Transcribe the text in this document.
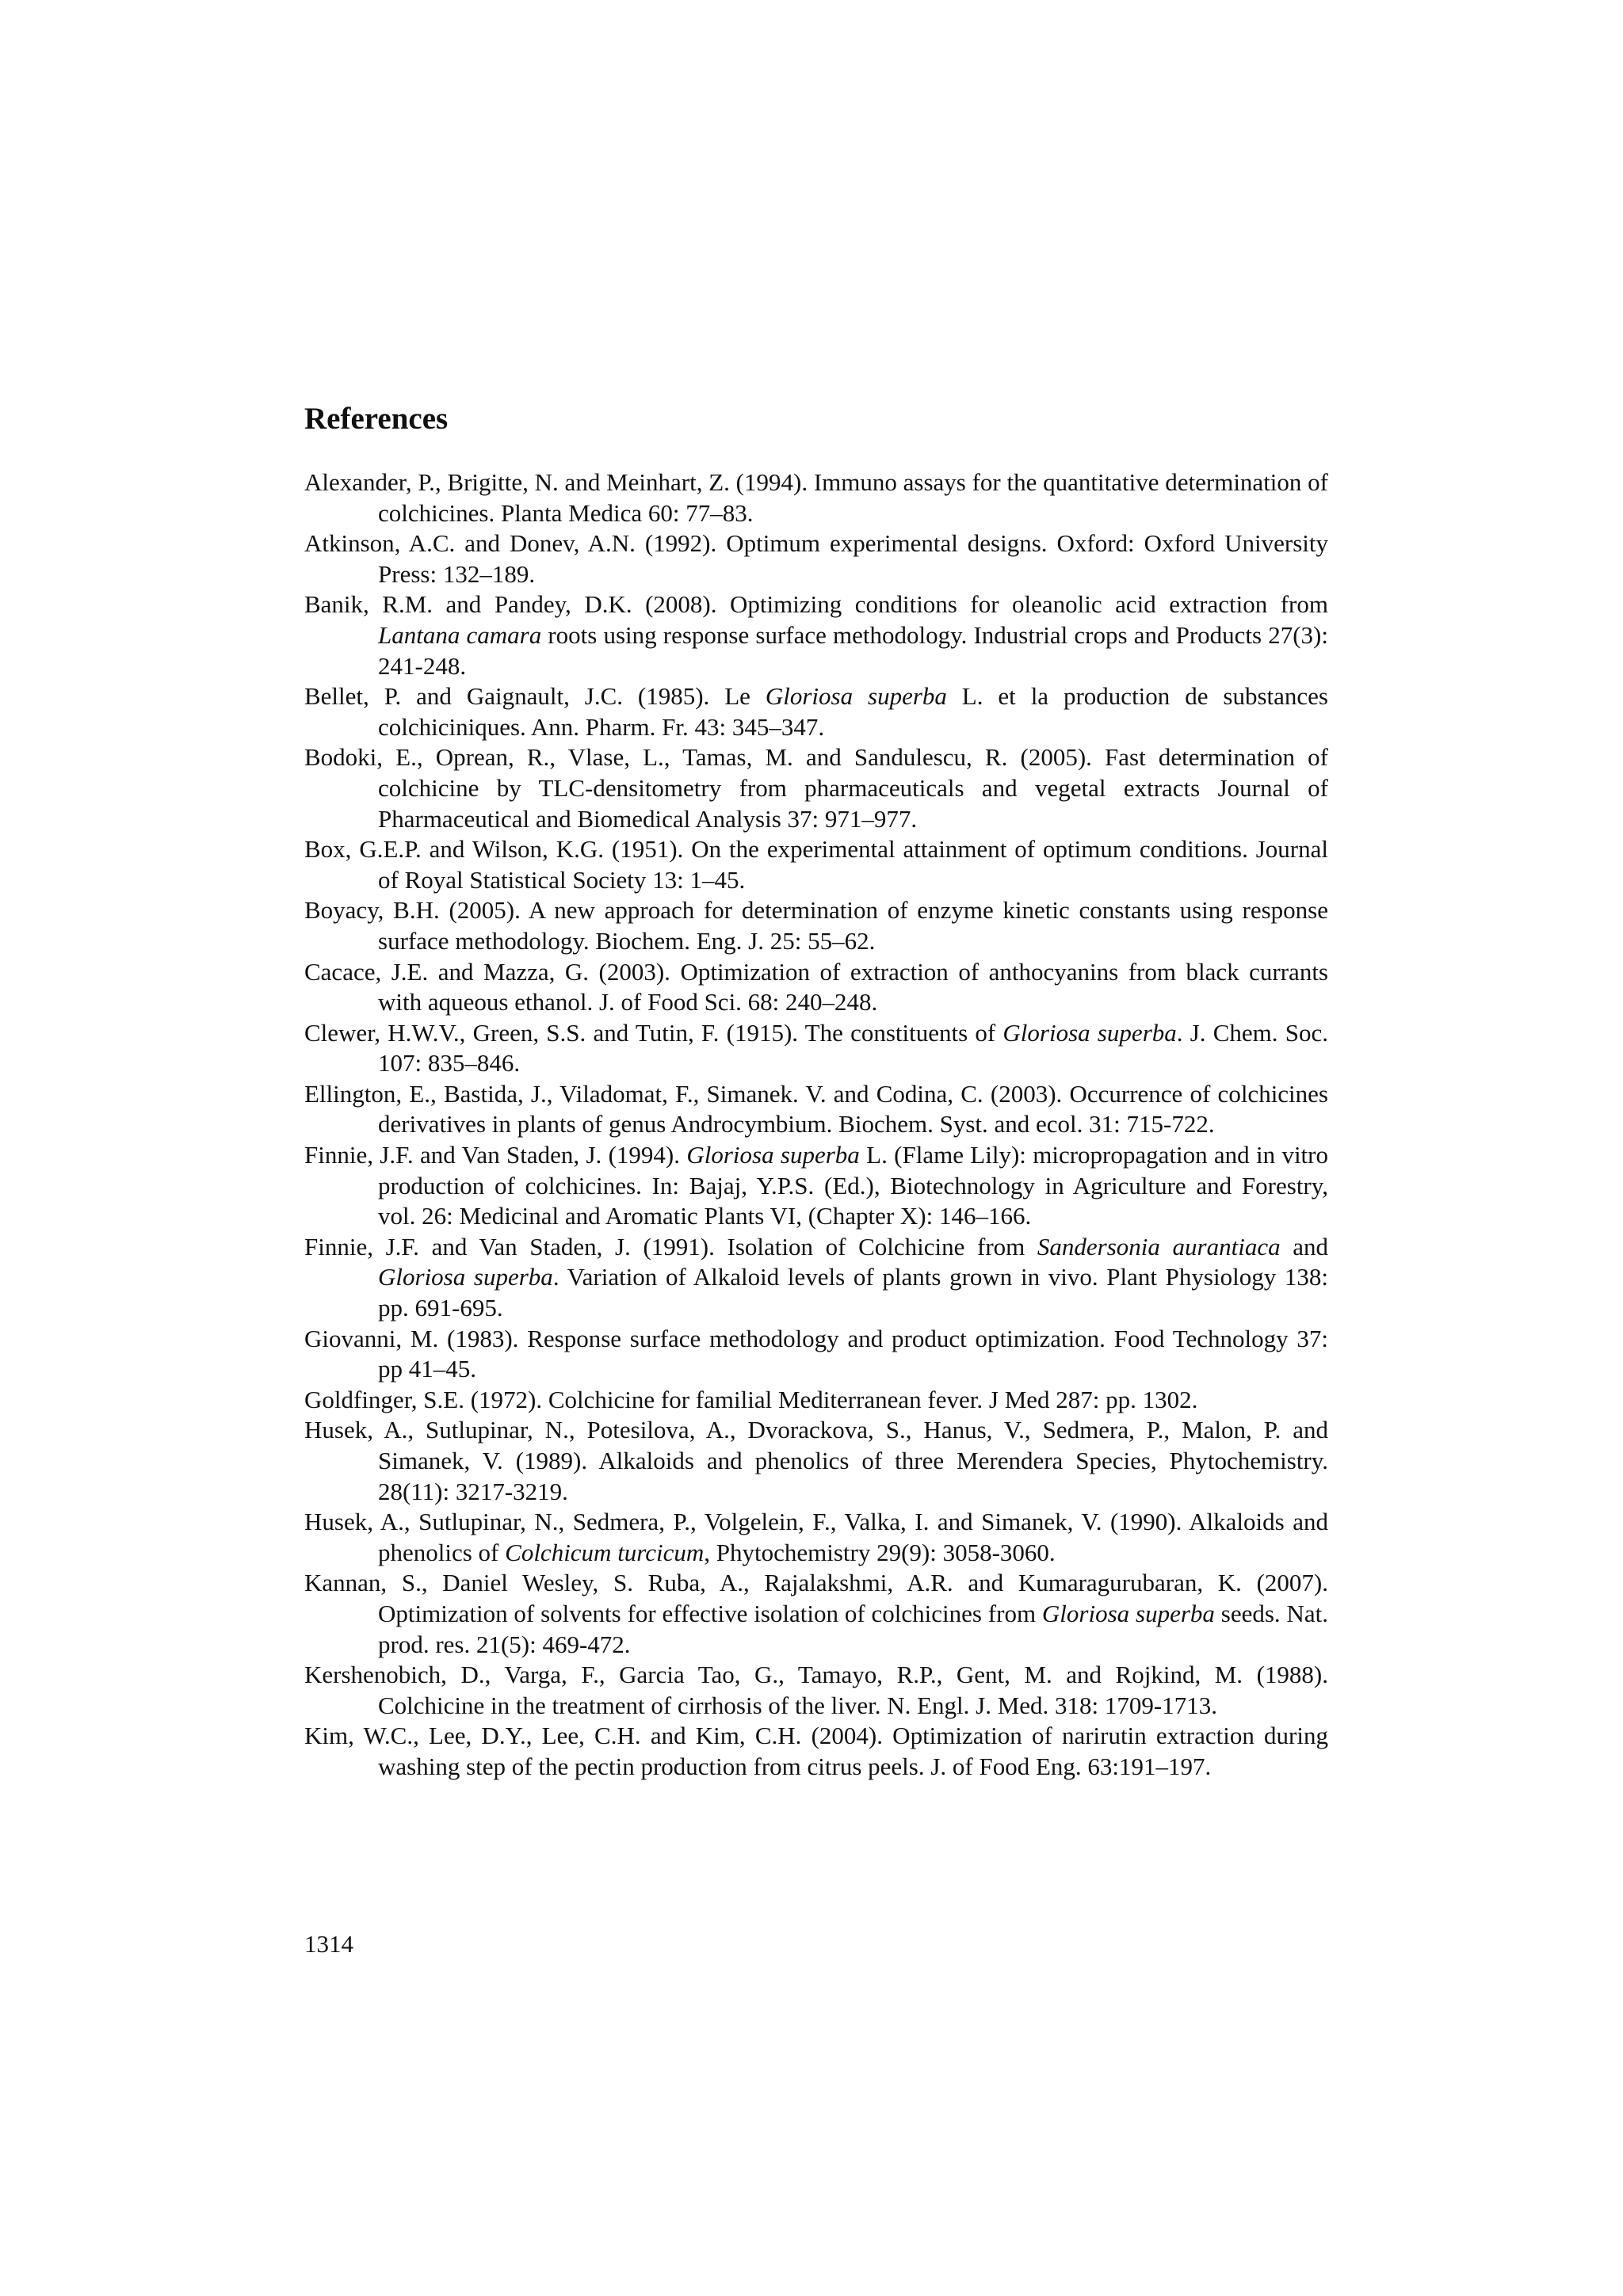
References

Alexander, P., Brigitte, N. and Meinhart, Z. (1994). Immuno assays for the quantitative determination of colchicines. Planta Medica 60: 77–83.

Atkinson, A.C. and Donev, A.N. (1992). Optimum experimental designs. Oxford: Oxford University Press: 132–189.

Banik, R.M. and Pandey, D.K. (2008). Optimizing conditions for oleanolic acid extraction from Lantana camara roots using response surface methodology. Industrial crops and Products 27(3): 241-248.

Bellet, P. and Gaignault, J.C. (1985). Le Gloriosa superba L. et la production de substances colchiciniques. Ann. Pharm. Fr. 43: 345–347.

Bodoki, E., Oprean, R., Vlase, L., Tamas, M. and Sandulescu, R. (2005). Fast determination of colchicine by TLC-densitometry from pharmaceuticals and vegetal extracts Journal of Pharmaceutical and Biomedical Analysis 37: 971–977.

Box, G.E.P. and Wilson, K.G. (1951). On the experimental attainment of optimum conditions. Journal of Royal Statistical Society 13: 1–45.

Boyacy, B.H. (2005). A new approach for determination of enzyme kinetic constants using response surface methodology. Biochem. Eng. J. 25: 55–62.

Cacace, J.E. and Mazza, G. (2003). Optimization of extraction of anthocyanins from black currants with aqueous ethanol. J. of Food Sci. 68: 240–248.

Clewer, H.W.V., Green, S.S. and Tutin, F. (1915). The constituents of Gloriosa superba. J. Chem. Soc. 107: 835–846.

Ellington, E., Bastida, J., Viladomat, F., Simanek. V. and Codina, C. (2003). Occurrence of colchicines derivatives in plants of genus Androcymbium. Biochem. Syst. and ecol. 31: 715-722.

Finnie, J.F. and Van Staden, J. (1994). Gloriosa superba L. (Flame Lily): micropropagation and in vitro production of colchicines. In: Bajaj, Y.P.S. (Ed.), Biotechnology in Agriculture and Forestry, vol. 26: Medicinal and Aromatic Plants VI, (Chapter X): 146–166.

Finnie, J.F. and Van Staden, J. (1991). Isolation of Colchicine from Sandersonia aurantiaca and Gloriosa superba. Variation of Alkaloid levels of plants grown in vivo. Plant Physiology 138: pp. 691-695.

Giovanni, M. (1983). Response surface methodology and product optimization. Food Technology 37: pp 41–45.

Goldfinger, S.E. (1972). Colchicine for familial Mediterranean fever. J Med 287: pp. 1302.

Husek, A., Sutlupinar, N., Potesilova, A., Dvorackova, S., Hanus, V., Sedmera, P., Malon, P. and Simanek, V. (1989). Alkaloids and phenolics of three Merendera Species, Phytochemistry. 28(11): 3217-3219.

Husek, A., Sutlupinar, N., Sedmera, P., Volgelein, F., Valka, I. and Simanek, V. (1990). Alkaloids and phenolics of Colchicum turcicum, Phytochemistry 29(9): 3058-3060.

Kannan, S., Daniel Wesley, S. Ruba, A., Rajalakshmi, A.R. and Kumaragurubaran, K. (2007). Optimization of solvents for effective isolation of colchicines from Gloriosa superba seeds. Nat. prod. res. 21(5): 469-472.

Kershenobich, D., Varga, F., Garcia Tao, G., Tamayo, R.P., Gent, M. and Rojkind, M. (1988). Colchicine in the treatment of cirrhosis of the liver. N. Engl. J. Med. 318: 1709-1713.

Kim, W.C., Lee, D.Y., Lee, C.H. and Kim, C.H. (2004). Optimization of narirutin extraction during washing step of the pectin production from citrus peels. J. of Food Eng. 63:191–197.

1314
